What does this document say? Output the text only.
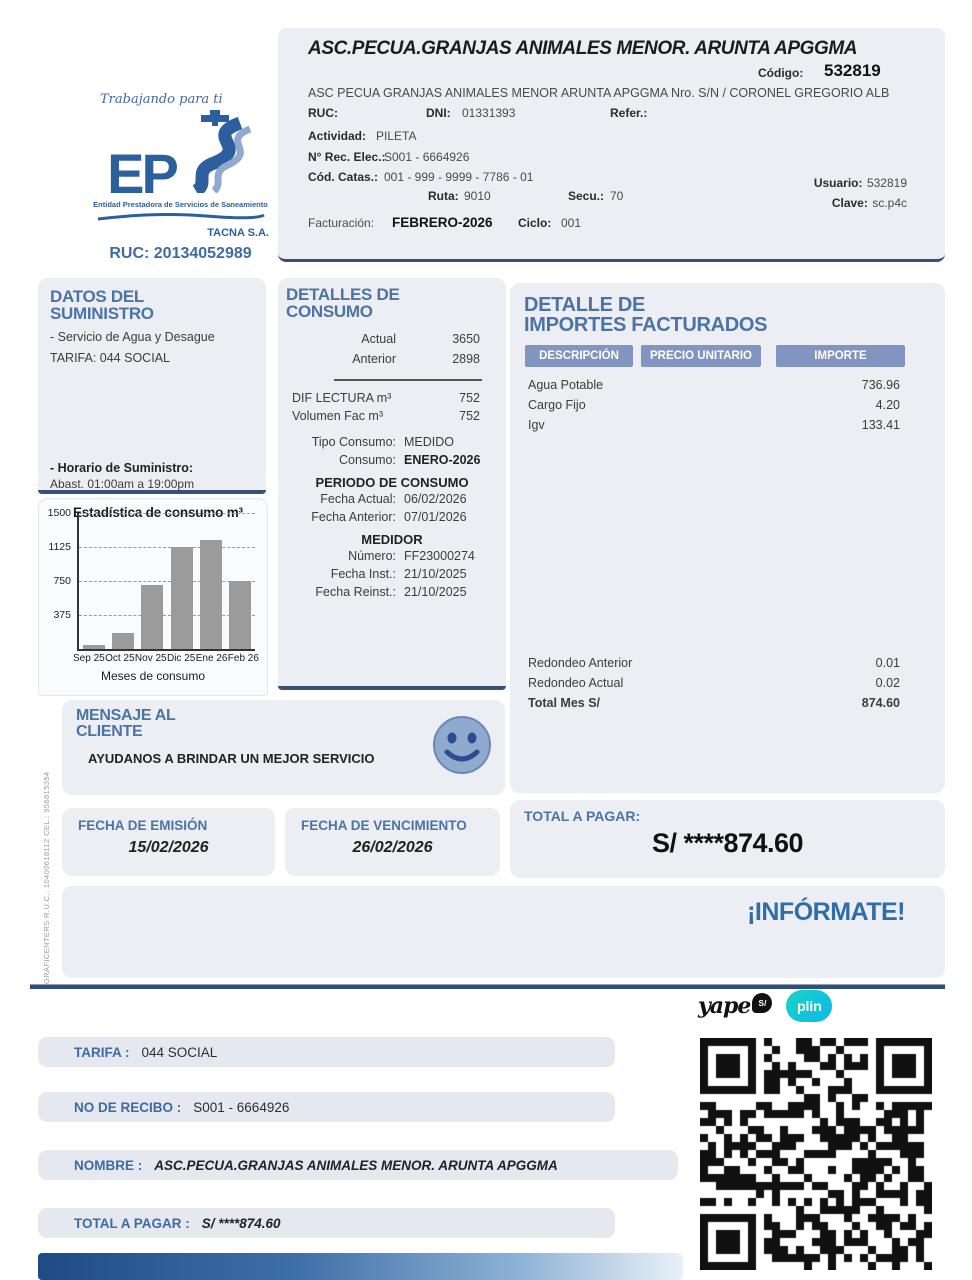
Trabajando para ti
EP
Entidad Prestadora de Servicios de Saneamiento
TACNA S.A.
RUC: 20134052989
ASC.PECUA.GRANJAS ANIMALES MENOR. ARUNTA APGGMA
Código: 532819
ASC PECUA GRANJAS ANIMALES MENOR ARUNTA APGGMA Nro. S/N / CORONEL GREGORIO ALB
RUC:	DNI: 01331393	Refer.:
Actividad: PILETA
N° Rec. Elec.:
S001 - 6664926
Cód. Catas.: 001 - 999 - 9999 - 7786 - 01
Ruta: 9010	Secu.: 70
Usuario: 532819
Clave: sc.p4c
Facturación: FEBRERO-2026 Ciclo: 001
DATOS DEL
SUMINISTRO
- Servicio de Agua y Desague
TARIFA: 044 SOCIAL
- Horario de Suministro:
Abast. 01:00am a 19:00pm
Estadística de consumo m³
375
750
1125
1500
Sep 25 Oct 25 Nov 25 Dic 25 Ene 26 Feb 26
Meses de consumo
DETALLES DE
CONSUMO
Actual	3650
Anterior	2898
DIF LECTURA m³	752
Volumen Fac m³	752
Tipo Consumo: MEDIDO
Consumo: ENERO-2026
PERIODO DE CONSUMO
Fecha Actual: 06/02/2026
Fecha Anterior: 07/01/2026
MEDIDOR
Número: FF23000274
Fecha Inst.: 21/10/2025
Fecha Reinst.: 21/10/2025
DETALLE DE
IMPORTES FACTURADOS
DESCRIPCIÓN	PRECIO UNITARIO	IMPORTE
Agua Potable	736.96
Cargo Fijo	4.20
Igv	133.41
Redondeo Anterior	0.01
Redondeo Actual	0.02
Total Mes S/	874.60
MENSAJE AL
CLIENTE
AYUDANOS A BRINDAR UN MEJOR SERVICIO
FECHA DE EMISIÓN
15/02/2026
FECHA DE VENCIMIENTO
26/02/2026
TOTAL A PAGAR:
S/ ****874.60
¡INFÓRMATE!
GRAFICENTERS R.U.C.: 10400618112 CEL.: 956615354
yape S/	plin
TARIFA : 044 SOCIAL
NO DE RECIBO : S001 - 6664926
NOMBRE : ASC.PECUA.GRANJAS ANIMALES MENOR. ARUNTA APGGMA
TOTAL A PAGAR : S/ ****874.60
